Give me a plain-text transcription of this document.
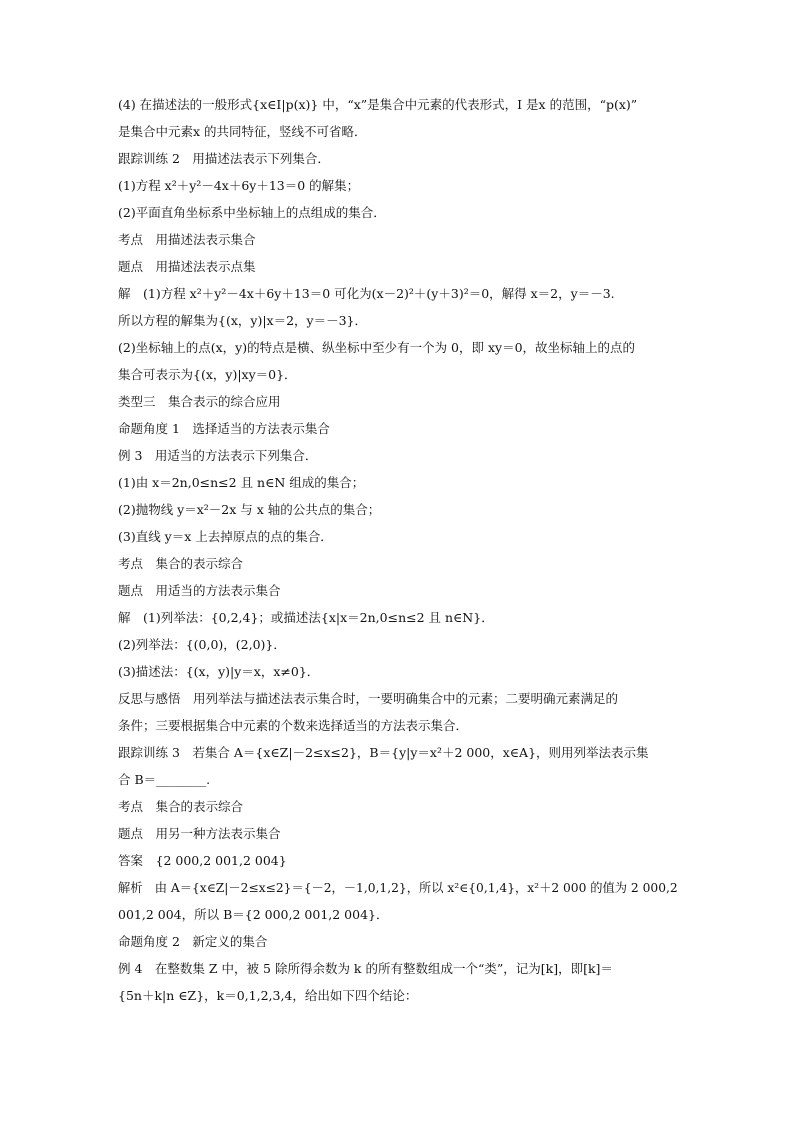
(4) 在描述法的一般形式{x∈I|p(x)} 中，“x”是集合中元素的代表形式，I 是x 的范围，“p(x)”
是集合中元素x 的共同特征，竖线不可省略．
跟踪训练 2　用描述法表示下列集合．
(1)方程 x²＋y²－4x＋6y＋13＝0 的解集；
(2)平面直角坐标系中坐标轴上的点组成的集合．
考点　用描述法表示集合
题点　用描述法表示点集
解　(1)方程 x²＋y²－4x＋6y＋13＝0 可化为(x－2)²＋(y＋3)²＝0，解得 x＝2，y＝－3.
所以方程的解集为{(x，y)|x＝2，y＝－3}．
(2)坐标轴上的点(x，y)的特点是横、纵坐标中至少有一个为 0，即 xy＝0，故坐标轴上的点的
集合可表示为{(x，y)|xy＝0}．
类型三　集合表示的综合应用
命题角度 1　选择适当的方法表示集合
例 3　用适当的方法表示下列集合．
(1)由 x＝2n,0≤n≤2 且 n∈N 组成的集合；
(2)抛物线 y＝x²－2x 与 x 轴的公共点的集合；
(3)直线 y＝x 上去掉原点的点的集合．
考点　集合的表示综合
题点　用适当的方法表示集合
解　(1)列举法：{0,2,4}；或描述法{x|x＝2n,0≤n≤2 且 n∈N}．
(2)列举法：{(0,0)，(2,0)}．
(3)描述法：{(x，y)|y＝x，x≠0}．
反思与感悟　用列举法与描述法表示集合时，一要明确集合中的元素；二要明确元素满足的
条件；三要根据集合中元素的个数来选择适当的方法表示集合．
跟踪训练 3　若集合 A＝{x∈Z|－2≤x≤2}，B＝{y|y＝x²＋2 000，x∈A}，则用列举法表示集
合 B＝________.
考点　集合的表示综合
题点　用另一种方法表示集合
答案　{2 000,2 001,2 004}
解析　由 A＝{x∈Z|－2≤x≤2}＝{－2，－1,0,1,2}，所以 x²∈{0,1,4}，x²＋2 000 的值为 2 000,2
001,2 004，所以 B＝{2 000,2 001,2 004}．
命题角度 2　新定义的集合
例 4　在整数集 Z 中，被 5 除所得余数为 k 的所有整数组成一个“类”，记为[k]，即[k]＝
{5n＋k|n ∈Z}，k＝0,1,2,3,4，给出如下四个结论：
